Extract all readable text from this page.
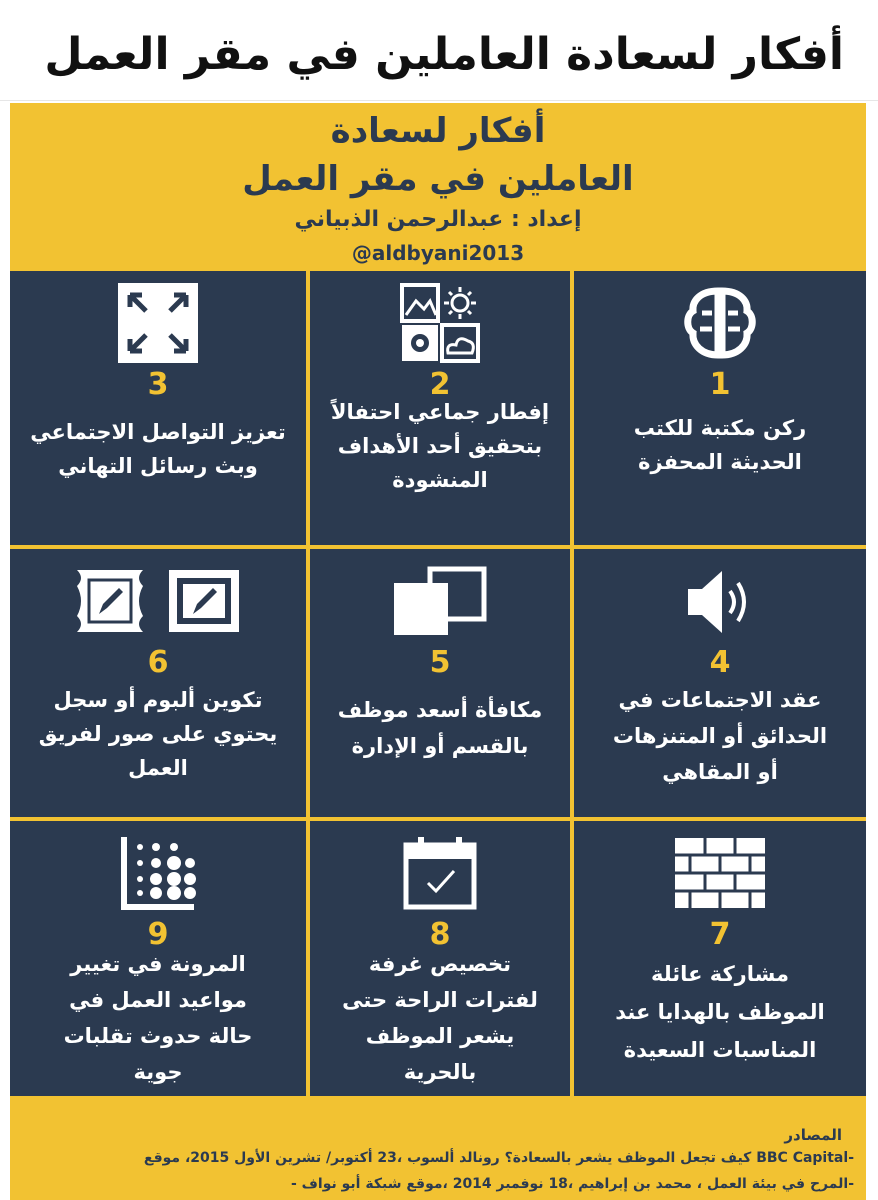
أفكار لسعادة العاملين في مقر العمل
أفكار لسعادة
العاملين في مقر العمل
إعداد : عبدالرحمن الذبياني
@aldbyani2013
1
ركن مكتبة للكتب
الحديثة المحفزة
2
إفطار جماعي احتفالاً
بتحقيق أحد الأهداف
المنشودة
3
تعزيز التواصل الاجتماعي
وبث رسائل التهاني
4
عقد الاجتماعات في
الحدائق أو المتنزهات
أو المقاهي
5
مكافأة أسعد موظف
بالقسم أو الإدارة
6
تكوين ألبوم أو سجل
يحتوي على صور لفريق
العمل
7
مشاركة عائلة
الموظف بالهدايا عند
المناسبات السعيدة
8
تخصيص غرفة
لفترات الراحة حتى
يشعر الموظف
بالحرية
9
المرونة في تغيير
مواعيد العمل في
حالة حدوث تقلبات
جوية
المصادر
-BBC Capital كيف تجعل الموظف يشعر بالسعادة؟ رونالد ألسوب ،23 أكتوبر/ تشرين الأول 2015، موقع
-المرح في بيئة العمل ، محمد بن إبراهيم ،18 نوفمبر 2014 ،موقع شبكة أبو نواف -
